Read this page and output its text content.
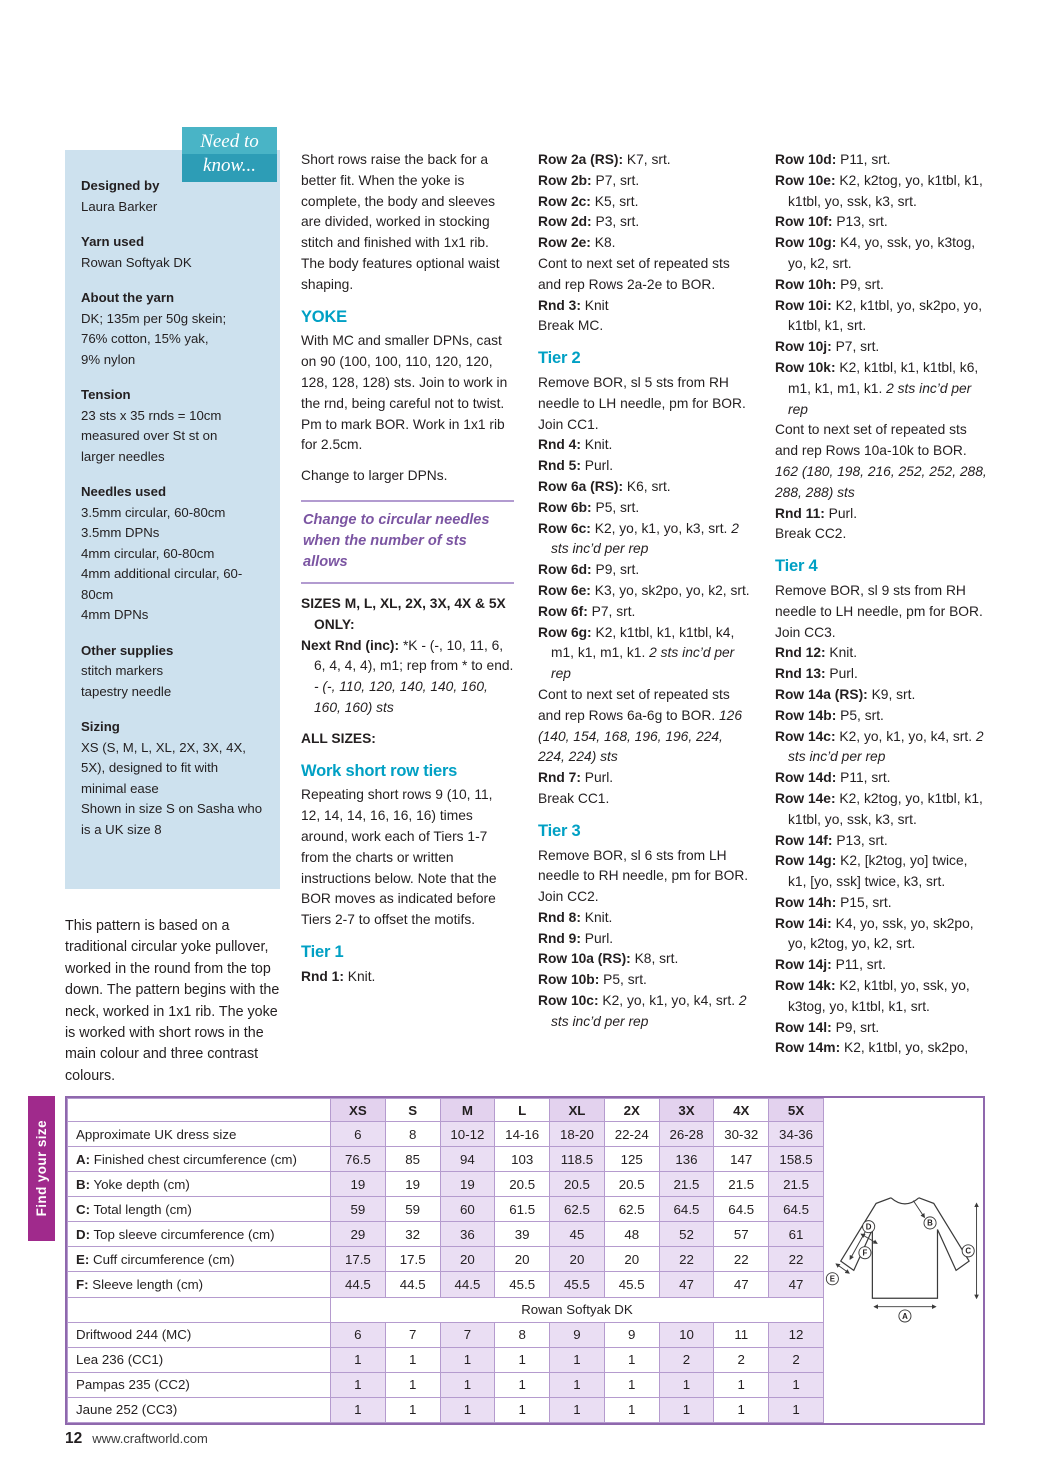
Need to
know...
Designed by
Laura Barker
Yarn used
Rowan Softyak DK
About the yarn
DK; 135m per 50g skein;
76% cotton, 15% yak,
9% nylon
Tension
23 sts x 35 rnds = 10cm
measured over St st on
larger needles
Needles used
3.5mm circular, 60-80cm
3.5mm DPNs
4mm circular, 60-80cm
4mm additional circular, 60-80cm
4mm DPNs
Other supplies
stitch markers
tapestry needle
Sizing
XS (S, M, L, XL, 2X, 3X, 4X, 5X), designed to fit with minimal ease
Shown in size S on Sasha who is a UK size 8
This pattern is based on a traditional circular yoke pullover, worked in the round from the top down. The pattern begins with the neck, worked in 1x1 rib. The yoke is worked with short rows in the main colour and three contrast colours.
Short rows raise the back for a better fit. When the yoke is complete, the body and sleeves are divided, worked in stocking stitch and finished with 1x1 rib. The body features optional waist shaping.
YOKE
With MC and smaller DPNs, cast on 90 (100, 100, 110, 120, 120, 128, 128, 128) sts. Join to work in the rnd, being careful not to twist. Pm to mark BOR. Work in 1x1 rib for 2.5cm.
Change to larger DPNs.
Change to circular needles when the number of sts allows
SIZES M, L, XL, 2X, 3X, 4X & 5X ONLY:
Next Rnd (inc): *K - (-, 10, 11, 6, 6, 4, 4, 4), m1; rep from * to end. - (-, 110, 120, 140, 140, 160, 160, 160) sts
ALL SIZES:
Work short row tiers
Repeating short rows 9 (10, 11, 12, 14, 14, 16, 16, 16) times around, work each of Tiers 1-7 from the charts or written instructions below. Note that the BOR moves as indicated before Tiers 2-7 to offset the motifs.
Tier 1
Rnd 1: Knit.
Row 2a (RS): K7, srt.
Row 2b: P7, srt.
Row 2c: K5, srt.
Row 2d: P3, srt.
Row 2e: K8.
Cont to next set of repeated sts and rep Rows 2a-2e to BOR.
Rnd 3: Knit
Break MC.
Tier 2
Remove BOR, sl 5 sts from RH needle to LH needle, pm for BOR. Join CC1.
Rnd 4: Knit.
Rnd 5: Purl.
Row 6a (RS): K6, srt.
Row 6b: P5, srt.
Row 6c: K2, yo, k1, yo, k3, srt. 2 sts inc’d per rep
Row 6d: P9, srt.
Row 6e: K3, yo, sk2po, yo, k2, srt.
Row 6f: P7, srt.
Row 6g: K2, k1tbl, k1, k1tbl, k4, m1, k1, m1, k1. 2 sts inc’d per rep
Cont to next set of repeated sts and rep Rows 6a-6g to BOR. 126 (140, 154, 168, 196, 196, 224, 224, 224) sts
Rnd 7: Purl.
Break CC1.
Tier 3
Remove BOR, sl 6 sts from LH needle to RH needle, pm for BOR. Join CC2.
Rnd 8: Knit.
Rnd 9: Purl.
Row 10a (RS): K8, srt.
Row 10b: P5, srt.
Row 10c: K2, yo, k1, yo, k4, srt. 2 sts inc’d per rep
Row 10d: P11, srt.
Row 10e: K2, k2tog, yo, k1tbl, k1, k1tbl, yo, ssk, k3, srt.
Row 10f: P13, srt.
Row 10g: K4, yo, ssk, yo, k3tog, yo, k2, srt.
Row 10h: P9, srt.
Row 10i: K2, k1tbl, yo, sk2po, yo, k1tbl, k1, srt.
Row 10j: P7, srt.
Row 10k: K2, k1tbl, k1, k1tbl, k6, m1, k1, m1, k1. 2 sts inc’d per rep
Cont to next set of repeated sts and rep Rows 10a-10k to BOR. 162 (180, 198, 216, 252, 252, 288, 288, 288) sts
Rnd 11: Purl.
Break CC2.
Tier 4
Remove BOR, sl 9 sts from RH needle to LH needle, pm for BOR. Join CC3.
Rnd 12: Knit.
Rnd 13: Purl.
Row 14a (RS): K9, srt.
Row 14b: P5, srt.
Row 14c: K2, yo, k1, yo, k4, srt. 2 sts inc’d per rep
Row 14d: P11, srt.
Row 14e: K2, k2tog, yo, k1tbl, k1, k1tbl, yo, ssk, k3, srt.
Row 14f: P13, srt.
Row 14g: K2, [k2tog, yo] twice, k1, [yo, ssk] twice, k3, srt.
Row 14h: P15, srt.
Row 14i: K4, yo, ssk, yo, sk2po, yo, k2tog, yo, k2, srt.
Row 14j: P11, srt.
Row 14k: K2, k1tbl, yo, ssk, yo, k3tog, yo, k1tbl, k1, srt.
Row 14l: P9, srt.
Row 14m: K2, k1tbl, yo, sk2po,
Find your size
	XS	S	M	L	XL	2X	3X	4X	5X
Approximate UK dress size	6	8	10-12	14-16	18-20	22-24	26-28	30-32	34-36
A: Finished chest circumference (cm)	76.5	85	94	103	118.5	125	136	147	158.5
B: Yoke depth (cm)	19	19	19	20.5	20.5	20.5	21.5	21.5	21.5
C: Total length (cm)	59	59	60	61.5	62.5	62.5	64.5	64.5	64.5
D: Top sleeve circumference (cm)	29	32	36	39	45	48	52	57	61
E: Cuff circumference (cm)	17.5	17.5	20	20	20	20	22	22	22
F: Sleeve length (cm)	44.5	44.5	44.5	45.5	45.5	45.5	47	47	47
	Rowan Softyak DK								
Driftwood 244 (MC)	6	7	7	8	9	9	10	11	12
Lea 236 (CC1)	1	1	1	1	1	1	2	2	2
Pampas 235 (CC2)	1	1	1	1	1	1	1	1	1
Jaune 252 (CC3)	1	1	1	1	1	1	1	1	1
A
B
C
D
E
F
12 www.craftworld.com
